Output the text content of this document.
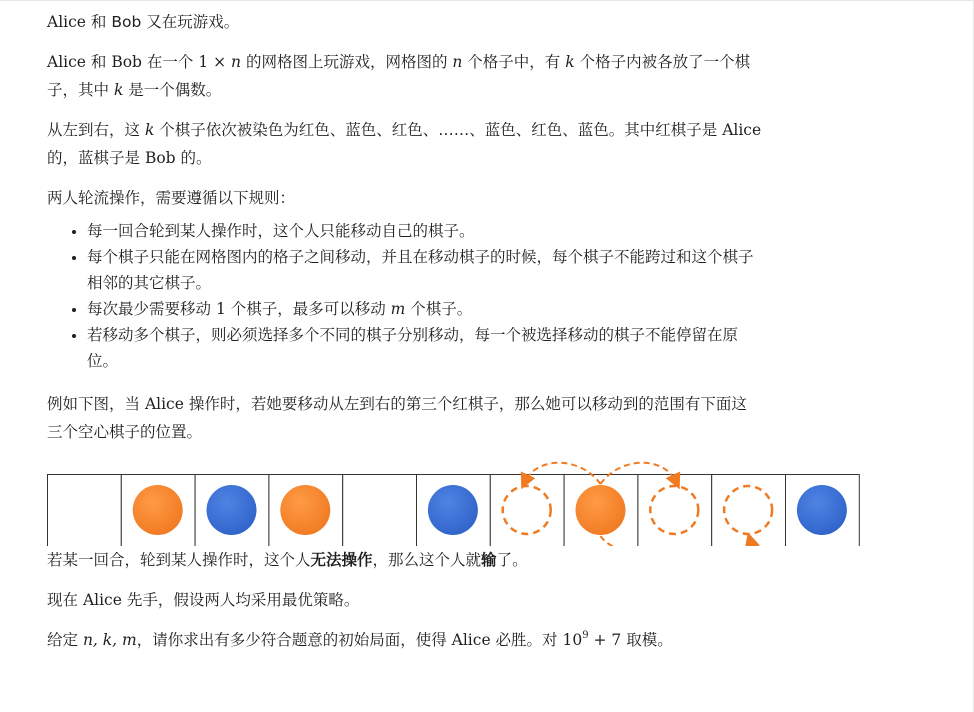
Alice 和 Bob 又在玩游戏。

Alice 和 Bob 在一个 1 × n 的网格图上玩游戏，网格图的 n 个格子中，有 k 个格子内被各放了一个棋
子，其中 k 是一个偶数。

从左到右，这 k 个棋子依次被染色为红色、蓝色、红色、……、蓝色、红色、蓝色。其中红棋子是 Alice
的，蓝棋子是 Bob 的。

两人轮流操作，需要遵循以下规则：

• 每一回合轮到某人操作时，这个人只能移动自己的棋子。
• 每个棋子只能在网格图内的格子之间移动，并且在移动棋子的时候，每个棋子不能跨过和这个棋子
相邻的其它棋子。
• 每次最少需要移动 1 个棋子，最多可以移动 m 个棋子。
• 若移动多个棋子，则必须选择多个不同的棋子分别移动，每一个被选择移动的棋子不能停留在原
位。

例如下图，当 Alice 操作时，若她要移动从左到右的第三个红棋子，那么她可以移动到的范围有下面这
三个空心棋子的位置。

若某一回合，轮到某人操作时，这个人无法操作，那么这个人就输了。

现在 Alice 先手，假设两人均采用最优策略。

给定 n, k, m，请你求出有多少符合题意的初始局面，使得 Alice 必胜。对 $10^9 + 7$ 取模。
